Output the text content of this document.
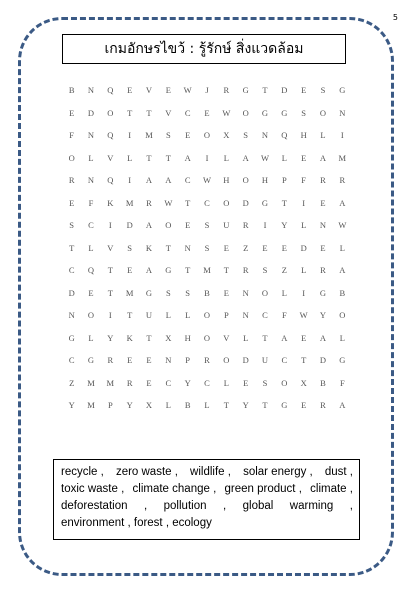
5
เกมอักษรไขว้ : รู้รักษ์ สิ่งแวดล้อม
B	N	Q	E	V	E	W	J	R	G	T	D	E	S	G
E	D	O	T	T	V	C	E	W	O	G	G	S	O	N
F	N	Q	I	M	S	E	O	X	S	N	Q	H	L	I
O	L	V	L	T	T	A	I	L	A	W	L	E	A	M
R	N	Q	I	A	A	C	W	H	O	H	P	F	R	R
E	F	K	M	R	W	T	C	O	D	G	T	I	E	A
S	C	I	D	A	O	E	S	U	R	I	Y	L	N	W
T	L	V	S	K	T	N	S	E	Z	E	E	D	E	L
C	Q	T	E	A	G	T	M	T	R	S	Z	L	R	A
D	E	T	M	G	S	S	B	E	N	O	L	I	G	B
N	O	I	T	U	L	L	O	P	N	C	F	W	Y	O
G	L	Y	K	T	X	H	O	V	L	T	A	E	A	L
C	G	R	E	E	N	P	R	O	D	U	C	T	D	G
Z	M	M	R	E	C	Y	C	L	E	S	O	X	B	F
Y	M	P	Y	X	L	B	L	T	Y	T	G	E	R	A
recycle , zero waste , wildlife , solar energy , dust ,
toxic waste , climate change , green product , climate ,
deforestation , pollution , global warming ,
environment , forest , ecology
